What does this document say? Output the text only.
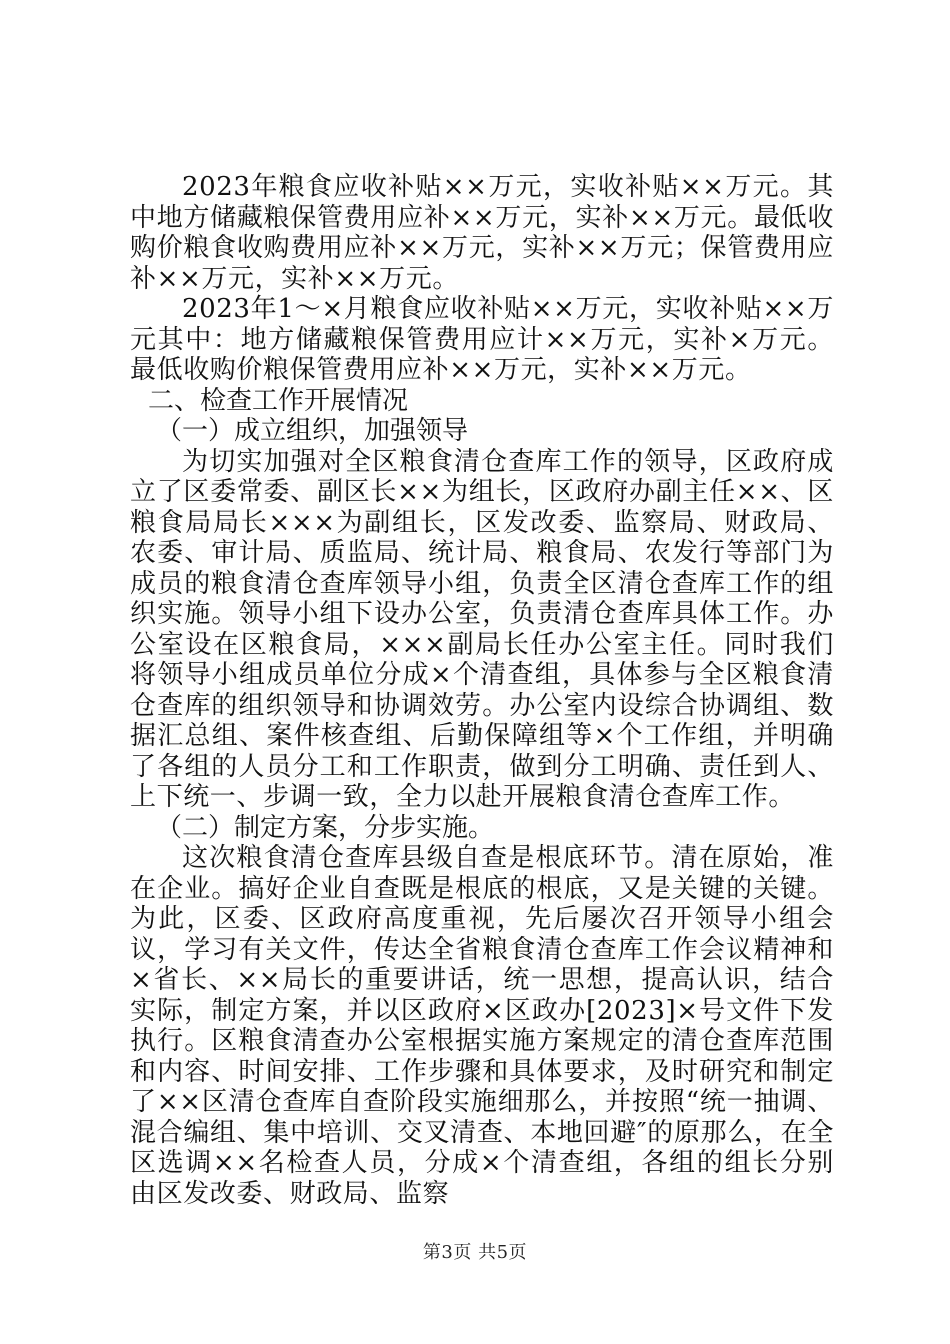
2023年粮食应收补贴××万元，实收补贴××万元。其中地方储藏粮保管费用应补××万元，实补××万元。最低收购价粮食收购费用应补××万元，实补××万元；保管费用应补××万元，实补××万元。

2023年1～×月粮食应收补贴××万元，实收补贴××万元其中：地方储藏粮保管费用应计××万元，实补×万元。最低收购价粮保管费用应补××万元，实补××万元。

二、检查工作开展情况

（一）成立组织，加强领导

为切实加强对全区粮食清仓查库工作的领导，区政府成立了区委常委、副区长××为组长，区政府办副主任××、区粮食局局长×××为副组长，区发改委、监察局、财政局、农委、审计局、质监局、统计局、粮食局、农发行等部门为成员的粮食清仓查库领导小组，负责全区清仓查库工作的组织实施。领导小组下设办公室，负责清仓查库具体工作。办公室设在区粮食局，×××副局长任办公室主任。同时我们将领导小组成员单位分成×个清查组，具体参与全区粮食清仓查库的组织领导和协调效劳。办公室内设综合协调组、数据汇总组、案件核查组、后勤保障组等×个工作组，并明确了各组的人员分工和工作职责，做到分工明确、责任到人、上下统一、步调一致，全力以赴开展粮食清仓查库工作。

（二）制定方案，分步实施。

这次粮食清仓查库县级自查是根底环节。清在原始，准在企业。搞好企业自查既是根底的根底，又是关键的关键。为此，区委、区政府高度重视，先后屡次召开领导小组会议，学习有关文件，传达全省粮食清仓查库工作会议精神和×省长、××局长的重要讲话，统一思想，提高认识，结合实际，制定方案，并以区政府×区政办[2023]×号文件下发执行。区粮食清查办公室根据实施方案规定的清仓查库范围和内容、时间安排、工作步骤和具体要求，及时研究和制定了××区清仓查库自查阶段实施细那么，并按照“统一抽调、混合编组、集中培训、交叉清查、本地回避″的原那么，在全区选调××名检查人员，分成×个清查组，各组的组长分别由区发改委、财政局、监察

第3页 共5页
